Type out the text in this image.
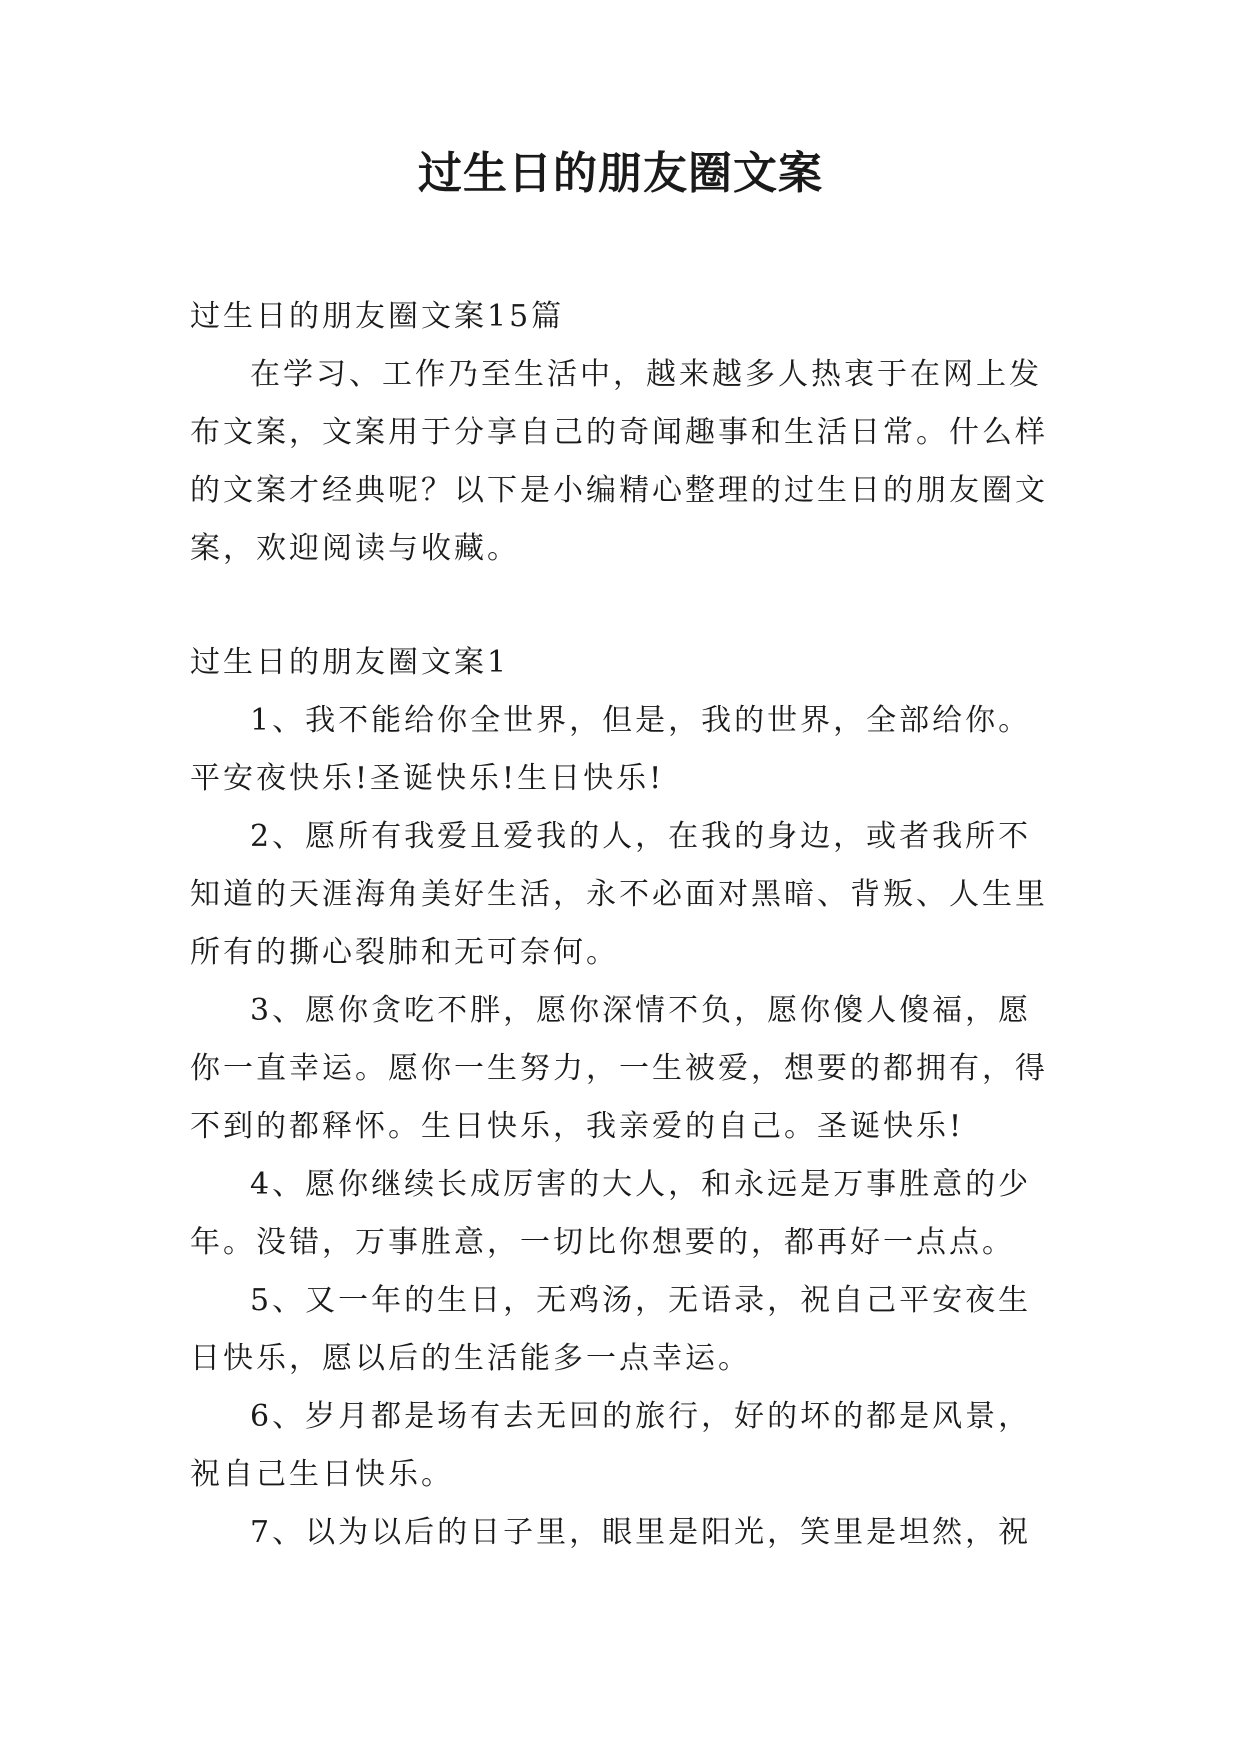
过生日的朋友圈文案

过生日的朋友圈文案15篇

在学习、工作乃至生活中，越来越多人热衷于在网上发布文案，文案用于分享自己的奇闻趣事和生活日常。什么样的文案才经典呢？以下是小编精心整理的过生日的朋友圈文案，欢迎阅读与收藏。

过生日的朋友圈文案1

1、我不能给你全世界，但是，我的世界，全部给你。平安夜快乐!圣诞快乐!生日快乐!

2、愿所有我爱且爱我的人，在我的身边，或者我所不知道的天涯海角美好生活，永不必面对黑暗、背叛、人生里所有的撕心裂肺和无可奈何。

3、愿你贪吃不胖，愿你深情不负，愿你傻人傻福，愿你一直幸运。愿你一生努力，一生被爱，想要的都拥有，得不到的都释怀。生日快乐，我亲爱的自己。圣诞快乐!

4、愿你继续长成厉害的大人，和永远是万事胜意的少年。没错，万事胜意，一切比你想要的，都再好一点点。

5、又一年的生日，无鸡汤，无语录，祝自己平安夜生日快乐，愿以后的生活能多一点幸运。

6、岁月都是场有去无回的旅行，好的坏的都是风景，祝自己生日快乐。

7、以为以后的日子里，眼里是阳光，笑里是坦然，祝
